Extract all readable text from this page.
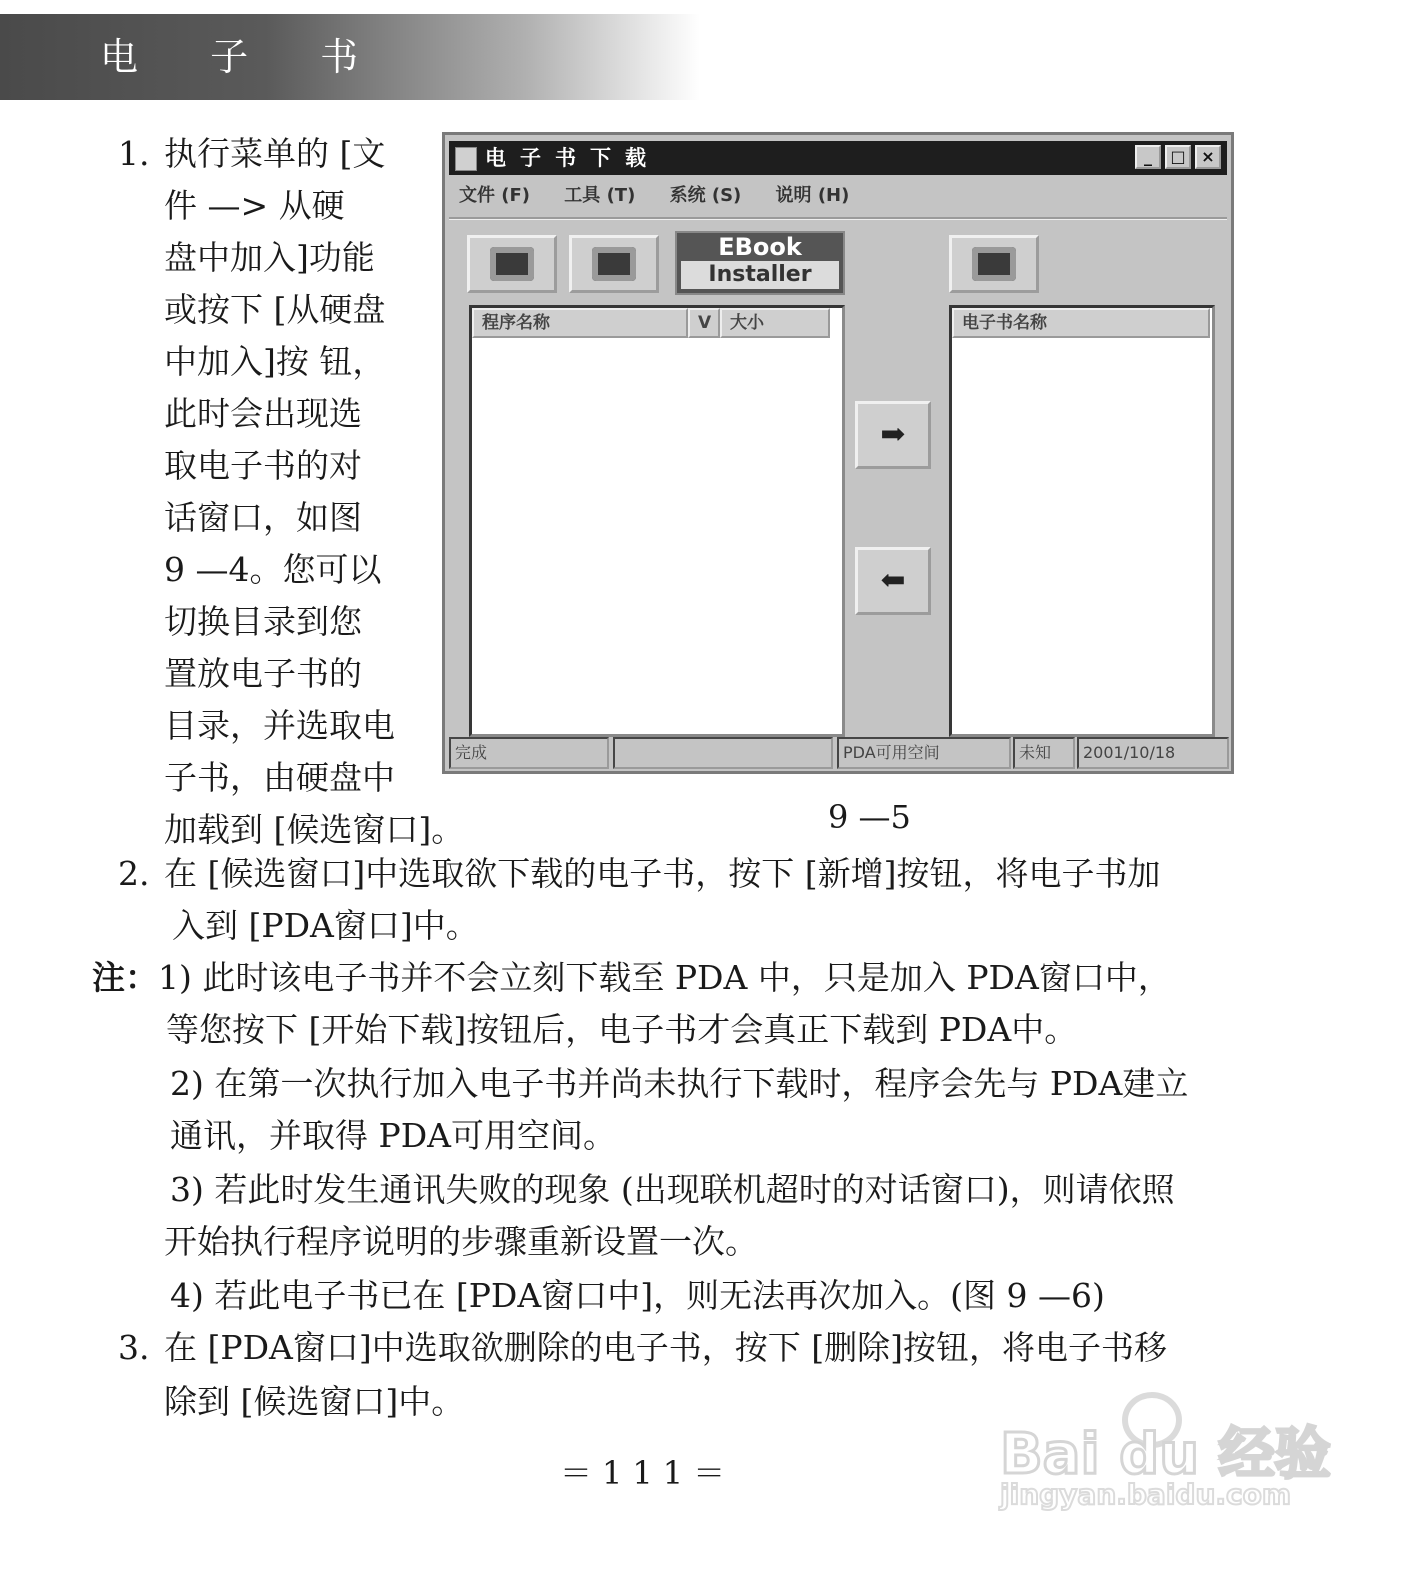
电 子 书
1. 执行菜单的 [文
件 —> 从硬
盘中加入]功能
或按下 [从硬盘
中加入]按 钮，
此时会出现选
取电子书的对
话窗口，如图
9 —4。您可以
切换目录到您
置放电子书的
目录，并选取电
子书，由硬盘中
加载到 [候选窗口]。
电子书下载	_	□ ×
文件 (F) 工具 (T) 系统 (S) 说明 (H)
EBook
Installer
程序名称	V	大小
➡
⬅
电子书名称
完成	PDA可用空间	未知	2001/10/18
9 —5
2. 在 [候选窗口]中选取欲下载的电子书，按下 [新增]按钮，将电子书加
入到 [PDA窗口]中。
注：1) 此时该电子书并不会立刻下载至 PDA 中，只是加入 PDA窗口中，
等您按下 [开始下载]按钮后，电子书才会真正下载到 PDA中。
2) 在第一次执行加入电子书并尚未执行下载时，程序会先与 PDA建立
通讯，并取得 PDA可用空间。
3) 若此时发生通讯失败的现象 (出现联机超时的对话窗口)，则请依照
开始执行程序说明的步骤重新设置一次。
4) 若此电子书已在 [PDA窗口中]，则无法再次加入。(图 9 —6)
3. 在 [PDA窗口]中选取欲删除的电子书，按下 [删除]按钮，将电子书移
除到 [候选窗口]中。
＝111＝	Bai du 经验
jingyan.baidu.com
